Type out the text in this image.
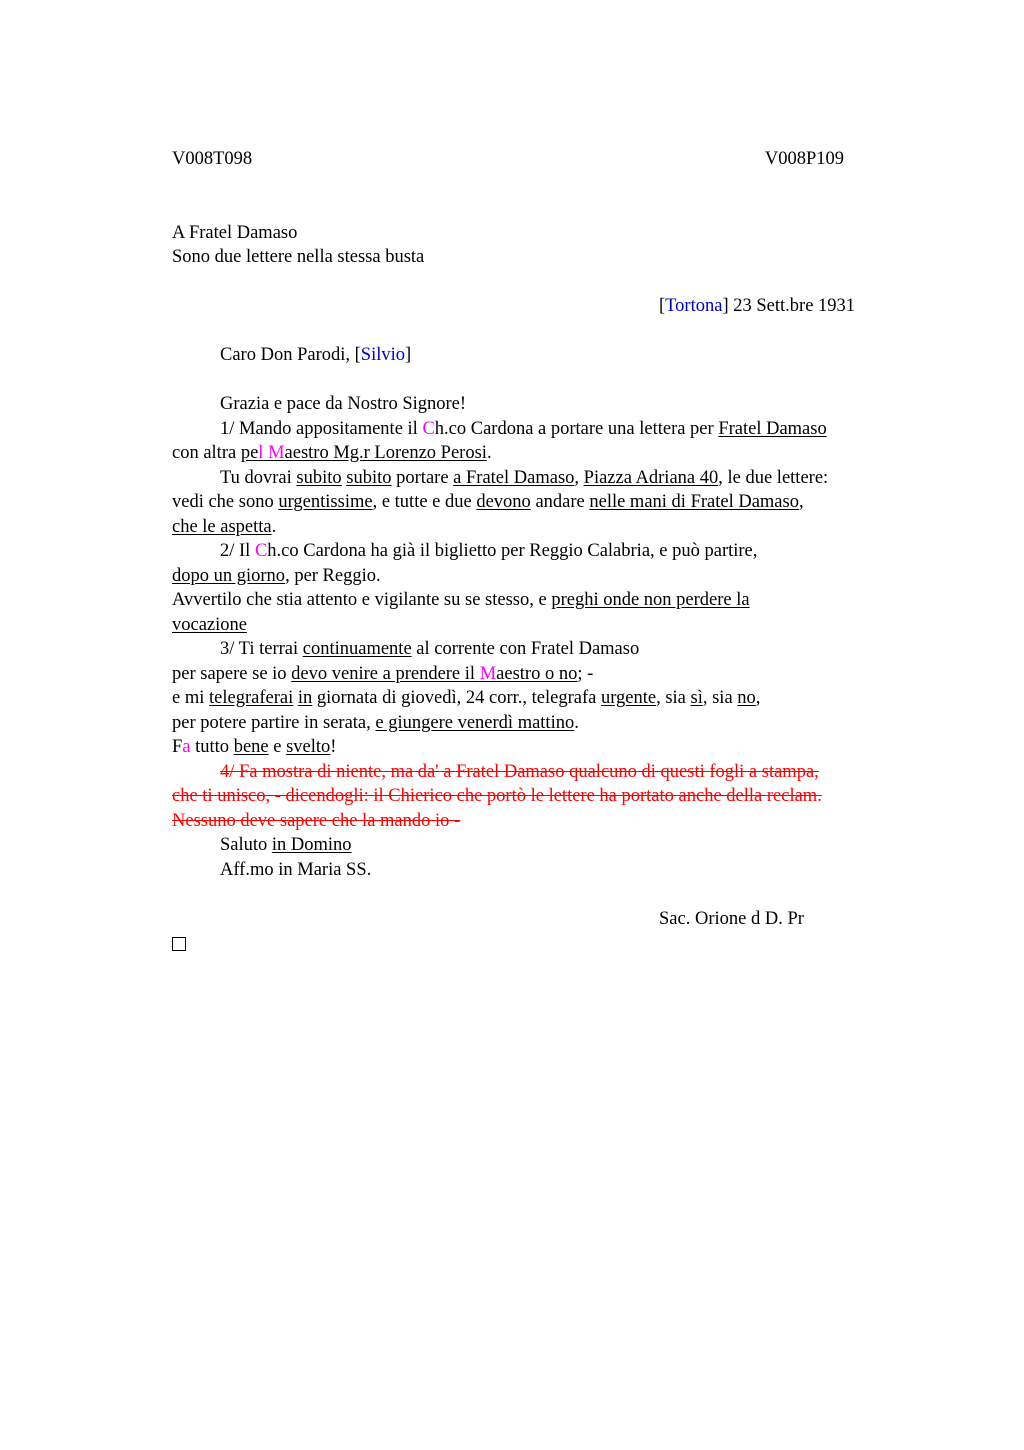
V008T098	V008P109
A Fratel Damaso
Sono due lettere nella stessa busta
[Tortona] 23 Sett.bre 1931
Caro Don Parodi, [Silvio]
Grazia e pace da Nostro Signore!
1/ Mando appositamente il Ch.co Cardona a portare una lettera per Fratel Damaso
con altra pel Maestro Mg.r Lorenzo Perosi.
Tu dovrai subito subito portare a Fratel Damaso, Piazza Adriana 40, le due lettere:
vedi che sono urgentissime, e tutte e due devono andare nelle mani di Fratel Damaso,
che le aspetta.
2/ Il Ch.co Cardona ha già il biglietto per Reggio Calabria, e può partire,
dopo un giorno, per Reggio.
Avvertilo che stia attento e vigilante su se stesso, e preghi onde non perdere la
vocazione
3/ Ti terrai continuamente al corrente con Fratel Damaso
per sapere se io devo venire a prendere il Maestro o no; -
e mi telegraferai in giornata di giovedì, 24 corr., telegrafa urgente, sia sì, sia no,
per potere partire in serata, e giungere venerdì mattino.
Fa tutto bene e svelto!
4/ Fa mostra di niente, ma da' a Fratel Damaso qualcuno di questi fogli a stampa,
che ti unisco, - dicendogli: il Chierico che portò le lettere ha portato anche della reclam.
Nessuno deve sapere che la mando io -
Saluto in Domino
Aff.mo in Maria SS.
Sac. Orione d D. Pr
